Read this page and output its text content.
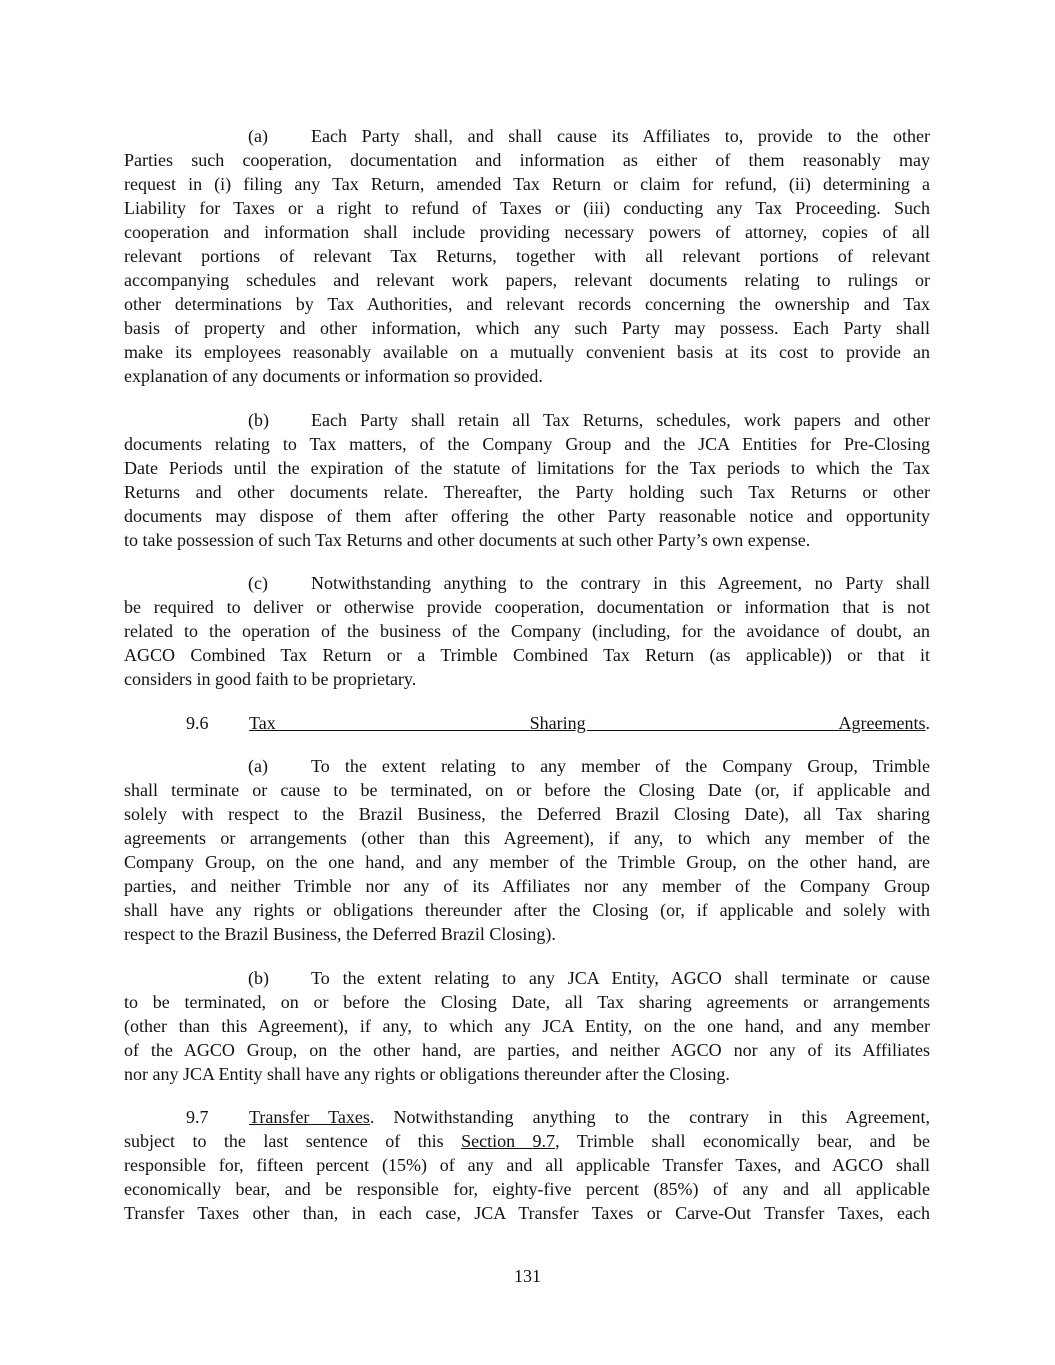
(a) Each Party shall, and shall cause its Affiliates to, provide to the other
Parties such cooperation, documentation and information as either of them reasonably may
request in (i) filing any Tax Return, amended Tax Return or claim for refund, (ii) determining a
Liability for Taxes or a right to refund of Taxes or (iii) conducting any Tax Proceeding. Such
cooperation and information shall include providing necessary powers of attorney, copies of all
relevant portions of relevant Tax Returns, together with all relevant portions of relevant
accompanying schedules and relevant work papers, relevant documents relating to rulings or
other determinations by Tax Authorities, and relevant records concerning the ownership and Tax
basis of property and other information, which any such Party may possess. Each Party shall
make its employees reasonably available on a mutually convenient basis at its cost to provide an
explanation of any documents or information so provided.
(b) Each Party shall retain all Tax Returns, schedules, work papers and other
documents relating to Tax matters, of the Company Group and the JCA Entities for Pre-Closing
Date Periods until the expiration of the statute of limitations for the Tax periods to which the Tax
Returns and other documents relate. Thereafter, the Party holding such Tax Returns or other
documents may dispose of them after offering the other Party reasonable notice and opportunity
to take possession of such Tax Returns and other documents at such other Party’s own expense.
(c) Notwithstanding anything to the contrary in this Agreement, no Party shall
be required to deliver or otherwise provide cooperation, documentation or information that is not
related to the operation of the business of the Company (including, for the avoidance of doubt, an
AGCO Combined Tax Return or a Trimble Combined Tax Return (as applicable)) or that it
considers in good faith to be proprietary.
9.6 Tax Sharing Agreements.
(a) To the extent relating to any member of the Company Group, Trimble
shall terminate or cause to be terminated, on or before the Closing Date (or, if applicable and
solely with respect to the Brazil Business, the Deferred Brazil Closing Date), all Tax sharing
agreements or arrangements (other than this Agreement), if any, to which any member of the
Company Group, on the one hand, and any member of the Trimble Group, on the other hand, are
parties, and neither Trimble nor any of its Affiliates nor any member of the Company Group
shall have any rights or obligations thereunder after the Closing (or, if applicable and solely with
respect to the Brazil Business, the Deferred Brazil Closing).
(b) To the extent relating to any JCA Entity, AGCO shall terminate or cause
to be terminated, on or before the Closing Date, all Tax sharing agreements or arrangements
(other than this Agreement), if any, to which any JCA Entity, on the one hand, and any member
of the AGCO Group, on the other hand, are parties, and neither AGCO nor any of its Affiliates
nor any JCA Entity shall have any rights or obligations thereunder after the Closing.
9.7 Transfer Taxes. Notwithstanding anything to the contrary in this Agreement,
subject to the last sentence of this Section 9.7, Trimble shall economically bear, and be
responsible for, fifteen percent (15%) of any and all applicable Transfer Taxes, and AGCO shall
economically bear, and be responsible for, eighty-five percent (85%) of any and all applicable
Transfer Taxes other than, in each case, JCA Transfer Taxes or Carve-Out Transfer Taxes, each
131
